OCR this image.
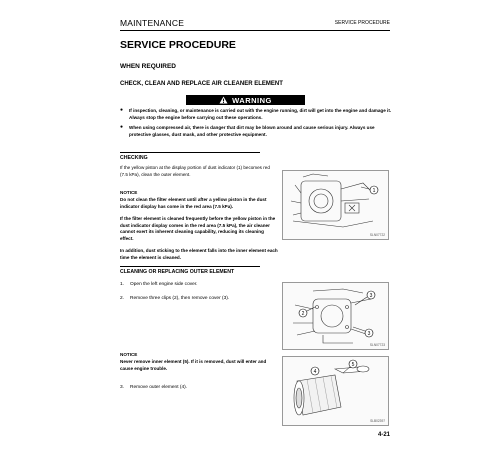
MAINTENANCE	SERVICE PROCEDURE
SERVICE PROCEDURE
WHEN REQUIRED
CHECK, CLEAN AND REPLACE AIR CLEANER ELEMENT
WARNING
●	If inspection, cleaning, or maintenance is carried out with the engine running, dirt will get into the engine and damage it. Always stop the engine before carrying out these operations.
●	When using compressed air, there is danger that dirt may be blown around and cause serious injury. Always use protective glasses, dust mask, and other protective equipment.
CHECKING
If the yellow piston at the display portion of dust indicator (1) becomes red (7.5 kPa), clean the outer element.
NOTICE
Do not clean the filter element until after a yellow piston in the dust indicator display has come in the red area (7.5 kPa).
If the filter element is cleaned frequently before the yellow piston in the dust indicator display comes in the red area (7.5 kPa), the air cleaner cannot exert its inherent cleaning capability, reducing its cleaning effect.
In addition, dust sticking to the element falls into the inner element each time the element is cleaned.
1
SLN07722
CLEANING OR REPLACING OUTER ELEMENT
1. Open the left engine side cover.
2. Remove three clips (2), then remove cover (3).
2
3
3
SLN07723
NOTICE
Never remove inner element (5). If it is removed, dust will enter and cause engine trouble.
3. Remove outer element (4).
5
4
SLB02397
4-21
